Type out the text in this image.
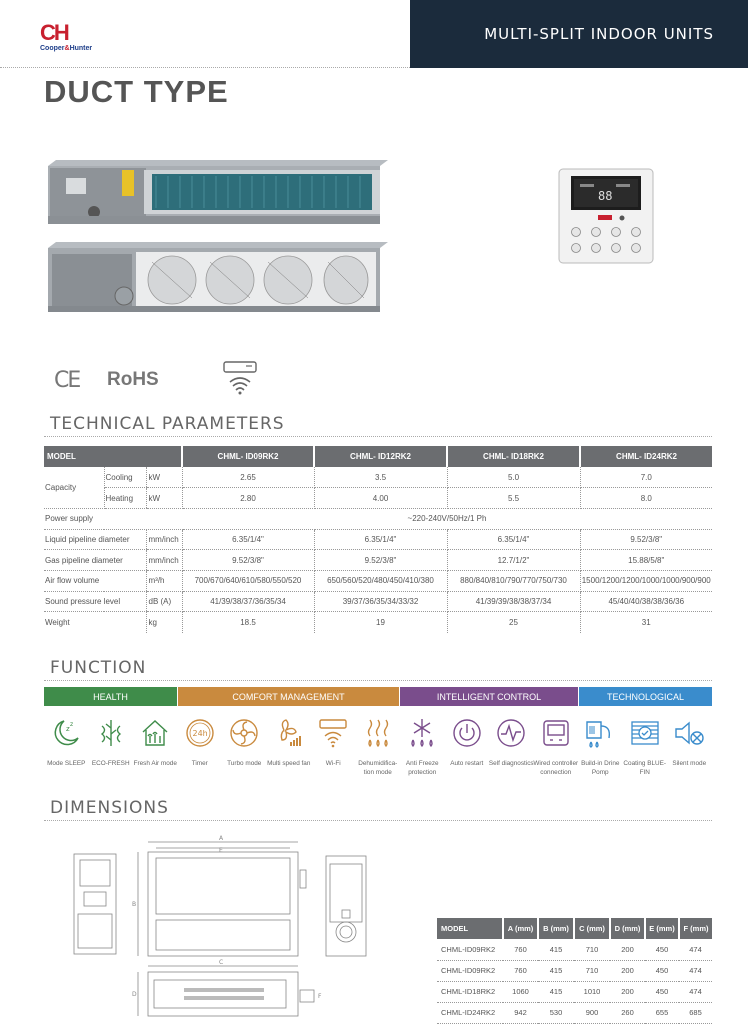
CH
Cooper&Hunter
MULTI-SPLIT INDOOR UNITS
DUCT TYPE
88
CE RoHS
TECHNICAL PARAMETERS
MODEL			CHML- ID09RK2	CHML- ID12RK2	CHML- ID18RK2	CHML- ID24RK2
Capacity	Cooling	kW	2.65	3.5	5.0	7.0
	Heating	kW	2.80	4.00	5.5	8.0
Power supply			~220-240V/50Hz/1 Ph			
Liquid pipeline diameter		mm/inch	6.35/1/4"	6.35/1/4"	6.35/1/4"	9.52/3/8"
Gas pipeline diameter		mm/inch	9.52/3/8"	9.52/3/8"	12.7/1/2"	15.88/5/8"
Air flow volume		m³/h	700/670/640/610/580/550/520	650/560/520/480/450/410/380	880/840/810/790/770/750/730	1500/1200/1200/1000/1000/900/900
Sound pressure level		dB (A)	41/39/38/37/36/35/34	39/37/36/35/34/33/32	41/39/39/38/38/37/34	45/40/40/38/38/36/36
Weight		kg	18.5	19	25	31
FUNCTION
HEALTH	COMFORT MANAGEMENT	INTELLIGENT CONTROL	TECHNOLOGICAL
z
z
Mode SLEEP	ECO-FRESH Fresh Air mode
24h
Timer	Turbo mode Multi speed fan	Wi-Fi	Dehumidifica-tion mode
Anti Freeze protection
Auto restart Self diagnostics Wired controller connection
Build-in Drine Pomp
Coating BLUE-FIN
Silent mode
DIMENSIONS
A
B
C
D
E
F
MODEL	A (mm)	B (mm)	C (mm)	D (mm)	E (mm)	F (mm)
CHML-ID09RK2	760	415	710	200	450	474
CHML-ID09RK2	760	415	710	200	450	474
CHML-ID18RK2	1060	415	1010	200	450	474
CHML-ID24RK2	942	530	900	260	655	685
